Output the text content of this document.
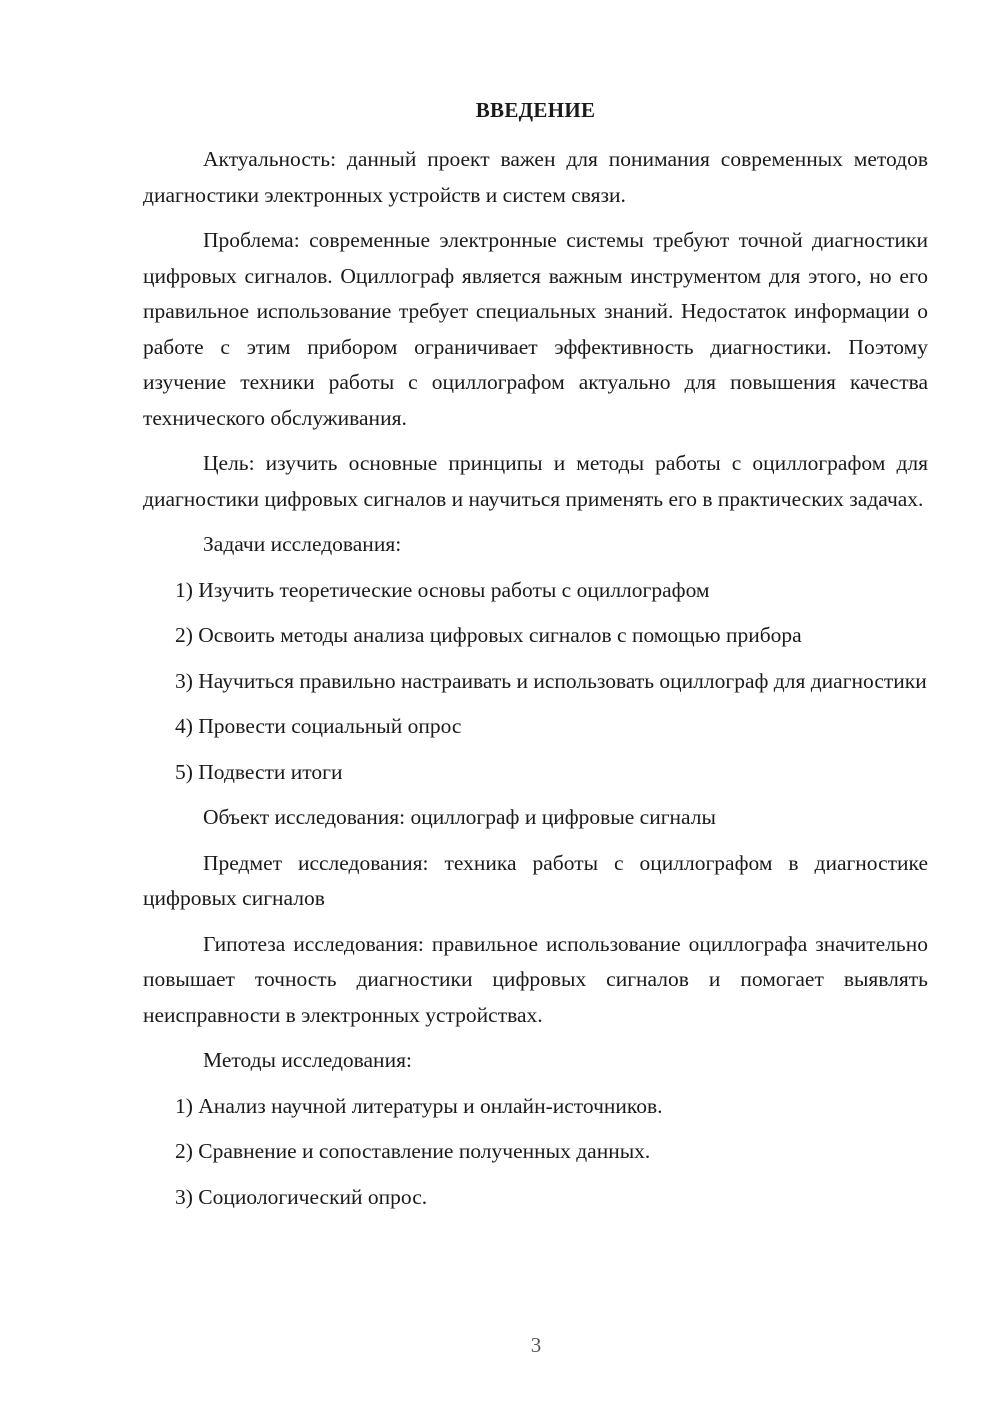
ВВЕДЕНИЕ

Актуальность: данный проект важен для понимания современных методов диагностики электронных устройств и систем связи.

Проблема: современные электронные системы требуют точной диагностики цифровых сигналов. Оциллограф является важным инструментом для этого, но его правильное использование требует специальных знаний. Недостаток информации о работе с этим прибором ограничивает эффективность диагностики. Поэтому изучение техники работы с оциллографом актуально для повышения качества технического обслуживания.

Цель: изучить основные принципы и методы работы с оциллографом для диагностики цифровых сигналов и научиться применять его в практических задачах.

Задачи исследования:

1) Изучить теоретические основы работы с оциллографом

2) Освоить методы анализа цифровых сигналов с помощью прибора

3) Научиться правильно настраивать и использовать оциллограф для диагностики

4) Провести социальный опрос

5) Подвести итоги

Объект исследования: оциллограф и цифровые сигналы

Предмет исследования: техника работы с оциллографом в диагностике цифровых сигналов

Гипотеза исследования: правильное использование оциллографа значительно повышает точность диагностики цифровых сигналов и помогает выявлять неисправности в электронных устройствах.

Методы исследования:

1) Анализ научной литературы и онлайн-источников.

2) Сравнение и сопоставление полученных данных.

3) Социологический опрос.

3
